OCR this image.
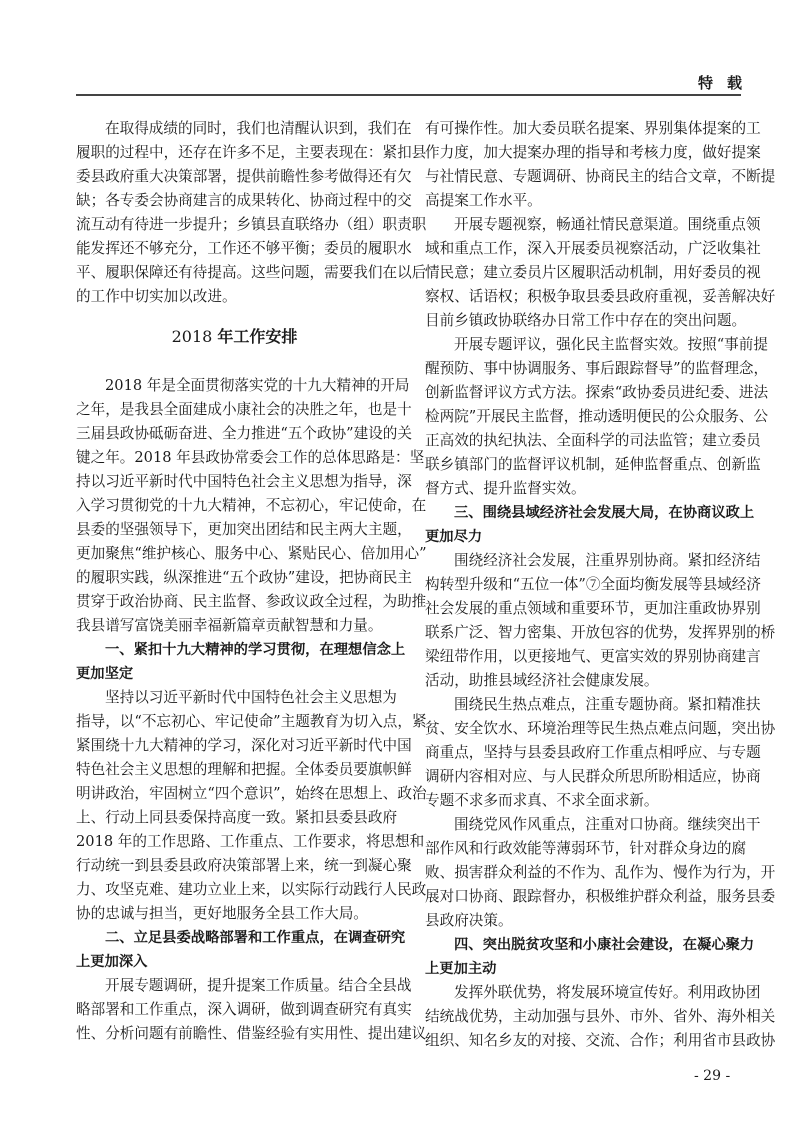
特 载
在取得成绩的同时，我们也清醒认识到，我们在
履职的过程中，还存在许多不足，主要表现在：紧扣县
委县政府重大决策部署，提供前瞻性参考做得还有欠
缺；各专委会协商建言的成果转化、协商过程中的交
流互动有待进一步提升；乡镇县直联络办（组）职责职
能发挥还不够充分，工作还不够平衡；委员的履职水
平、履职保障还有待提高。这些问题，需要我们在以后
的工作中切实加以改进。
2018 年工作安排
2018 年是全面贯彻落实党的十九大精神的开局
之年，是我县全面建成小康社会的决胜之年，也是十
三届县政协砥砺奋进、全力推进“五个政协”建设的关
键之年。2018 年县政协常委会工作的总体思路是：坚
持以习近平新时代中国特色社会主义思想为指导，深
入学习贯彻党的十九大精神，不忘初心，牢记使命，在
县委的坚强领导下，更加突出团结和民主两大主题，
更加聚焦“维护核心、服务中心、紧贴民心、倍加用心”
的履职实践，纵深推进“五个政协”建设，把协商民主
贯穿于政治协商、民主监督、参政议政全过程，为助推
我县谱写富饶美丽幸福新篇章贡献智慧和力量。
一、紧扣十九大精神的学习贯彻，在理想信念上
更加坚定
坚持以习近平新时代中国特色社会主义思想为
指导，以“不忘初心、牢记使命”主题教育为切入点，紧
紧围绕十九大精神的学习，深化对习近平新时代中国
特色社会主义思想的理解和把握。全体委员要旗帜鲜
明讲政治，牢固树立“四个意识”，始终在思想上、政治
上、行动上同县委保持高度一致。紧扣县委县政府
2018 年的工作思路、工作重点、工作要求，将思想和
行动统一到县委县政府决策部署上来，统一到凝心聚
力、攻坚克难、建功立业上来，以实际行动践行人民政
协的忠诚与担当，更好地服务全县工作大局。
二、立足县委战略部署和工作重点，在调查研究
上更加深入
开展专题调研，提升提案工作质量。结合全县战
略部署和工作重点，深入调研，做到调查研究有真实
性、分析问题有前瞻性、借鉴经验有实用性、提出建议
有可操作性。加大委员联名提案、界别集体提案的工
作力度，加大提案办理的指导和考核力度，做好提案
与社情民意、专题调研、协商民主的结合文章，不断提
高提案工作水平。
开展专题视察，畅通社情民意渠道。围绕重点领
域和重点工作，深入开展委员视察活动，广泛收集社
情民意；建立委员片区履职活动机制，用好委员的视
察权、话语权；积极争取县委县政府重视，妥善解决好
目前乡镇政协联络办日常工作中存在的突出问题。
开展专题评议，强化民主监督实效。按照“事前提
醒预防、事中协调服务、事后跟踪督导”的监督理念，
创新监督评议方式方法。探索“政协委员进纪委、进法
检两院”开展民主监督，推动透明便民的公众服务、公
正高效的执纪执法、全面科学的司法监管；建立委员
联乡镇部门的监督评议机制，延伸监督重点、创新监
督方式、提升监督实效。
三、围绕县域经济社会发展大局，在协商议政上
更加尽力
围绕经济社会发展，注重界别协商。紧扣经济结
构转型升级和“五位一体”⑦全面均衡发展等县域经济
社会发展的重点领域和重要环节，更加注重政协界别
联系广泛、智力密集、开放包容的优势，发挥界别的桥
梁纽带作用，以更接地气、更富实效的界别协商建言
活动，助推县域经济社会健康发展。
围绕民生热点难点，注重专题协商。紧扣精准扶
贫、安全饮水、环境治理等民生热点难点问题，突出协
商重点，坚持与县委县政府工作重点相呼应、与专题
调研内容相对应、与人民群众所思所盼相适应，协商
专题不求多而求真、不求全面求新。
围绕党风作风重点，注重对口协商。继续突出干
部作风和行政效能等薄弱环节，针对群众身边的腐
败、损害群众利益的不作为、乱作为、慢作为行为，开
展对口协商、跟踪督办，积极维护群众利益，服务县委
县政府决策。
四、突出脱贫攻坚和小康社会建设，在凝心聚力
上更加主动
发挥外联优势，将发展环境宣传好。利用政协团
结统战优势，主动加强与县外、市外、省外、海外相关
组织、知名乡友的对接、交流、合作；利用省市县政协
- 29 -
